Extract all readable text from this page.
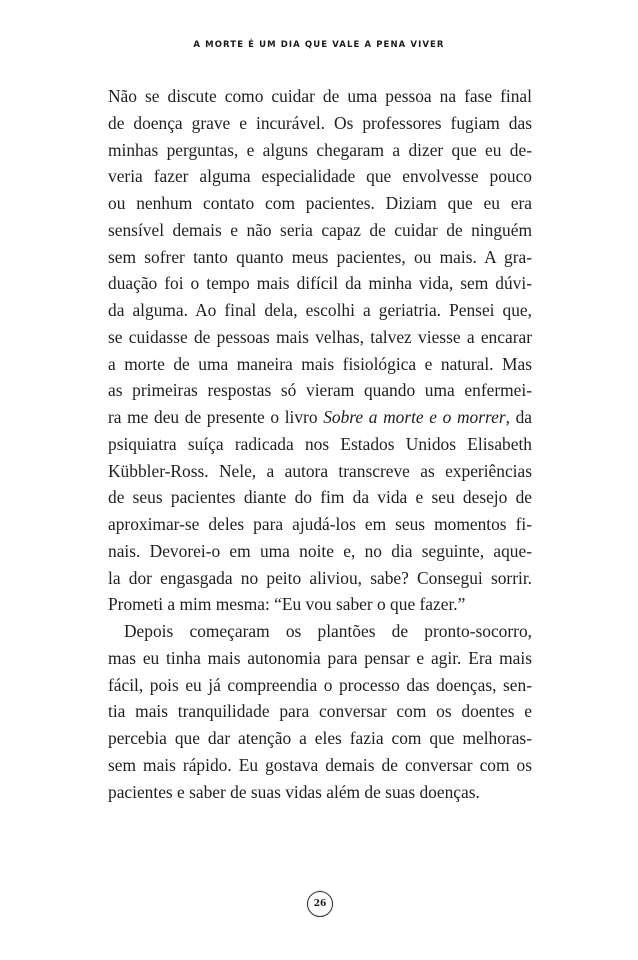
A MORTE É UM DIA QUE VALE A PENA VIVER
Não se discute como cuidar de uma pessoa na fase final
de doença grave e incurável. Os professores fugiam das
minhas perguntas, e alguns chegaram a dizer que eu de-
veria fazer alguma especialidade que envolvesse pouco
ou nenhum contato com pacientes. Diziam que eu era
sensível demais e não seria capaz de cuidar de ninguém
sem sofrer tanto quanto meus pacientes, ou mais. A gra-
duação foi o tempo mais difícil da minha vida, sem dúvi-
da alguma. Ao final dela, escolhi a geriatria. Pensei que,
se cuidasse de pessoas mais velhas, talvez viesse a encarar
a morte de uma maneira mais fisiológica e natural. Mas
as primeiras respostas só vieram quando uma enfermei-
ra me deu de presente o livro Sobre a morte e o morrer, da
psiquiatra suíça radicada nos Estados Unidos Elisabeth
Kübbler-Ross. Nele, a autora transcreve as experiências
de seus pacientes diante do fim da vida e seu desejo de
aproximar-se deles para ajudá-los em seus momentos fi-
nais. Devorei-o em uma noite e, no dia seguinte, aque-
la dor engasgada no peito aliviou, sabe? Consegui sorrir.
Prometi a mim mesma: “Eu vou saber o que fazer.”
Depois começaram os plantões de pronto-socorro,
mas eu tinha mais autonomia para pensar e agir. Era mais
fácil, pois eu já compreendia o processo das doenças, sen-
tia mais tranquilidade para conversar com os doentes e
percebia que dar atenção a eles fazia com que melhoras-
sem mais rápido. Eu gostava demais de conversar com os
pacientes e saber de suas vidas além de suas doenças.
26
